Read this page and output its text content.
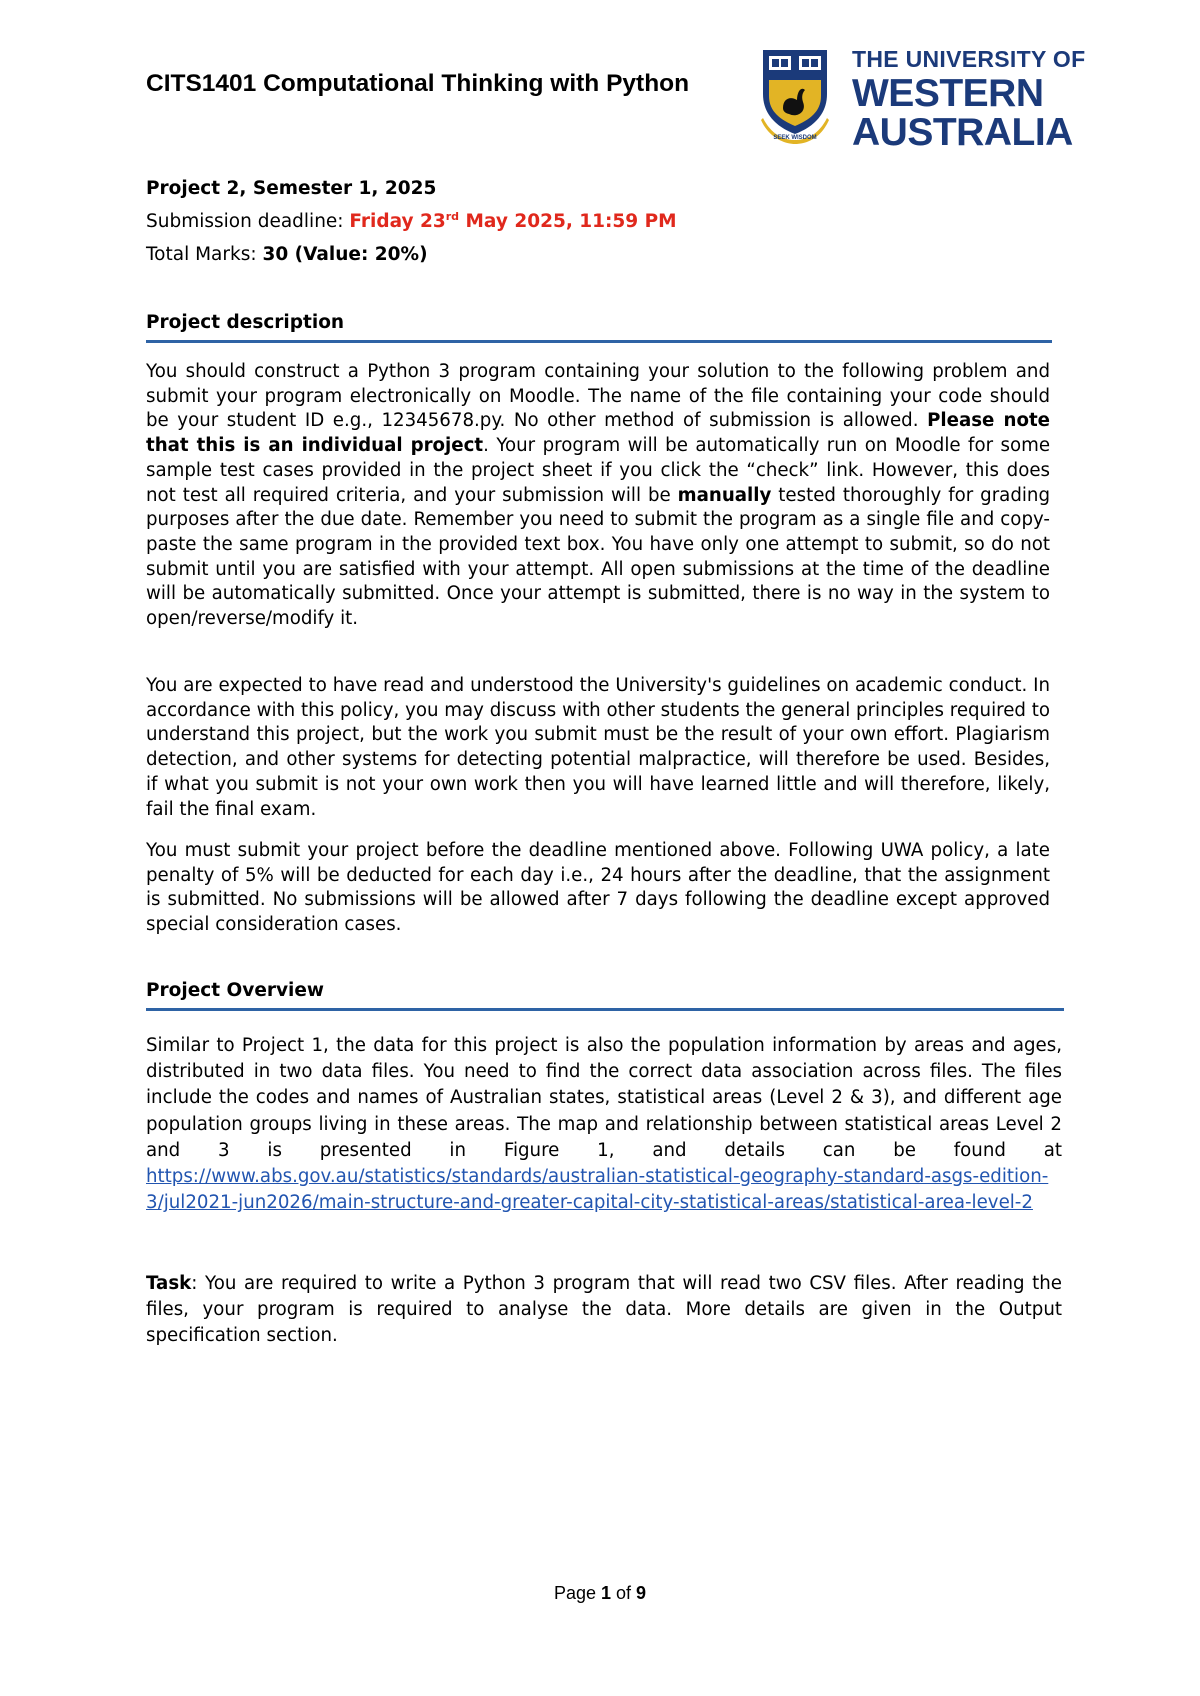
CITS1401 Computational Thinking with Python
SEEK WISDOM
THE UNIVERSITY OF
WESTERN
AUSTRALIA
Project 2, Semester 1, 2025
Submission deadline: Friday 23rd May 2025, 11:59 PM
Total Marks: 30 (Value: 20%)
Project description

You should construct a Python 3 program containing your solution to the following problem and submit your program electronically on Moodle. The name of the file containing your code should be your student ID e.g., 12345678.py. No other method of submission is allowed. Please note that this is an individual project. Your program will be automatically run on Moodle for some sample test cases provided in the project sheet if you click the “check” link. However, this does not test all required criteria, and your submission will be manually tested thoroughly for grading purposes after the due date. Remember you need to submit the program as a single file and copy-paste the same program in the provided text box. You have only one attempt to submit, so do not submit until you are satisfied with your attempt. All open submissions at the time of the deadline will be automatically submitted. Once your attempt is submitted, there is no way in the system to open/reverse/modify it.

You are expected to have read and understood the University's guidelines on academic conduct. In accordance with this policy, you may discuss with other students the general principles required to understand this project, but the work you submit must be the result of your own effort. Plagiarism detection, and other systems for detecting potential malpractice, will therefore be used. Besides, if what you submit is not your own work then you will have learned little and will therefore, likely, fail the final exam.

You must submit your project before the deadline mentioned above. Following UWA policy, a late penalty of 5% will be deducted for each day i.e., 24 hours after the deadline, that the assignment is submitted. No submissions will be allowed after 7 days following the deadline except approved special consideration cases.

Project Overview

Similar to Project 1, the data for this project is also the population information by areas and ages, distributed in two data files. You need to find the correct data association across files. The files include the codes and names of Australian states, statistical areas (Level 2 & 3), and different age population groups living in these areas. The map and relationship between statistical areas Level 2 and 3 is presented in Figure 1, and details can be found at https://www.abs.gov.au/statistics/standards/australian-statistical-geography-standard-asgs-edition-3/jul2021-jun2026/main-structure-and-greater-capital-city-statistical-areas/statistical-area-level-2

Task: You are required to write a Python 3 program that will read two CSV files. After reading the files, your program is required to analyse the data. More details are given in the Output specification section.

Page 1 of 9
